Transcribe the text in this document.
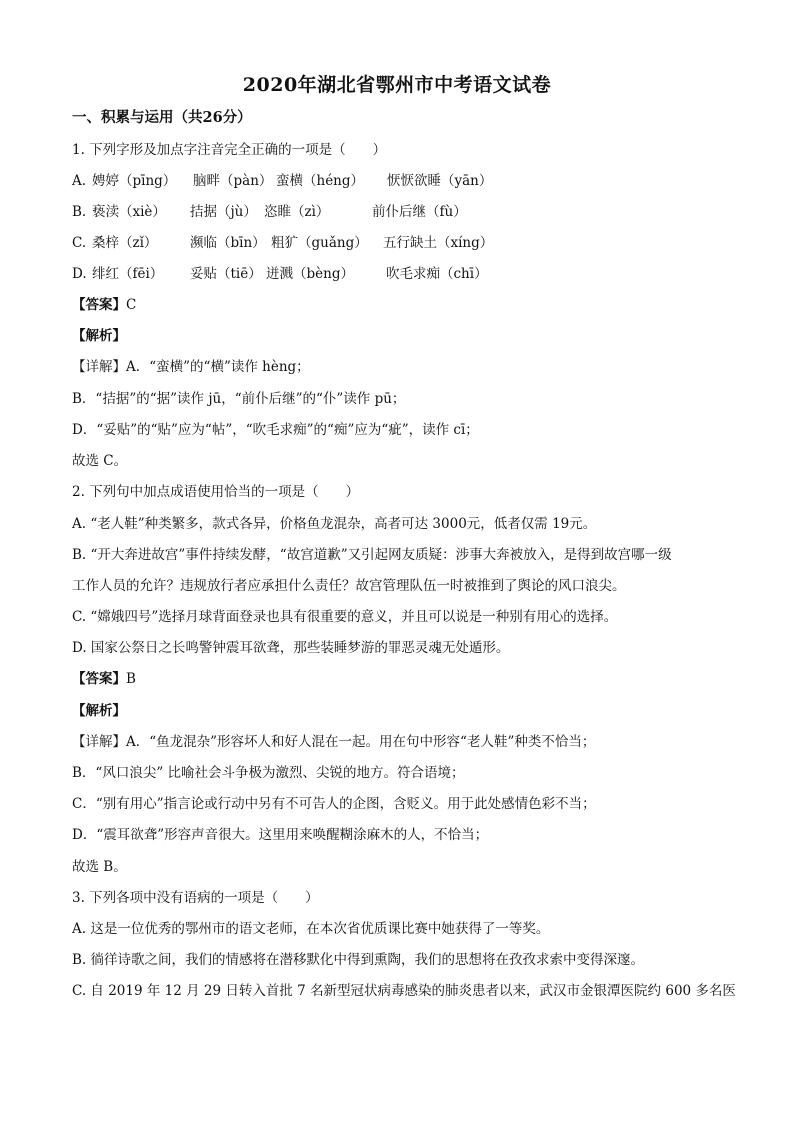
2020年湖北省鄂州市中考语文试卷
一、积累与运用（共26分）
1. 下列字形及加点字注音完全正确的一项是（　　）
A. 娉婷（pīng） 脑畔（pàn） 蛮横（héng） 恹恹欲睡（yān）
B. 亵渎（xiè） 拮据（jù） 恣睢（zì）	前仆后继（fù）
C. 桑梓（zǐ） 濒临（bīn） 粗犷（guǎng） 五行缺土（xíng）
D. 绯红（fēi） 妥贴（tiē） 迸溅（bèng） 吹毛求痴（chī）
【答案】C
【解析】
【详解】A．“蛮横”的“横”读作 hèng；
B．“拮据”的“据”读作 jū，“前仆后继”的“仆”读作 pū；
D．“妥贴”的“贴”应为“帖”，“吹毛求痴”的“痴”应为“疵”，读作 cī；
故选 C。
2. 下列句中加点成语使用恰当的一项是（　　）
A. “老人鞋”种类繁多，款式各异，价格鱼龙混杂，高者可达 3000元，低者仅需 19元。
B. “开大奔进故宫”事件持续发酵，“故宫道歉”又引起网友质疑：涉事大奔被放入，是得到故宫哪一级
工作人员的允许？违规放行者应承担什么责任？故宫管理队伍一时被推到了舆论的风口浪尖。
C. “嫦娥四号”选择月球背面登录也具有很重要的意义，并且可以说是一种别有用心的选择。
D. 国家公祭日之长鸣警钟震耳欲聋，那些装睡梦游的罪恶灵魂无处遁形。
【答案】B
【解析】
【详解】A．“鱼龙混杂”形容坏人和好人混在一起。用在句中形容“老人鞋”种类不恰当；
B．“风口浪尖” 比喻社会斗争极为激烈、尖锐的地方。符合语境；
C．“别有用心”指言论或行动中另有不可告人的企图，含贬义。用于此处感情色彩不当；
D．“震耳欲聋”形容声音很大。这里用来唤醒糊涂麻木的人，不恰当；
故选 B。
3. 下列各项中没有语病的一项是（　　）
A. 这是一位优秀的鄂州市的语文老师，在本次省优质课比赛中她获得了一等奖。
B. 徜徉诗歌之间，我们的情感将在潜移默化中得到熏陶，我们的思想将在孜孜求索中变得深邃。
C. 自 2019 年 12 月 29 日转入首批 7 名新型冠状病毒感染的肺炎患者以来，武汉市金银潭医院约 600 多名医
